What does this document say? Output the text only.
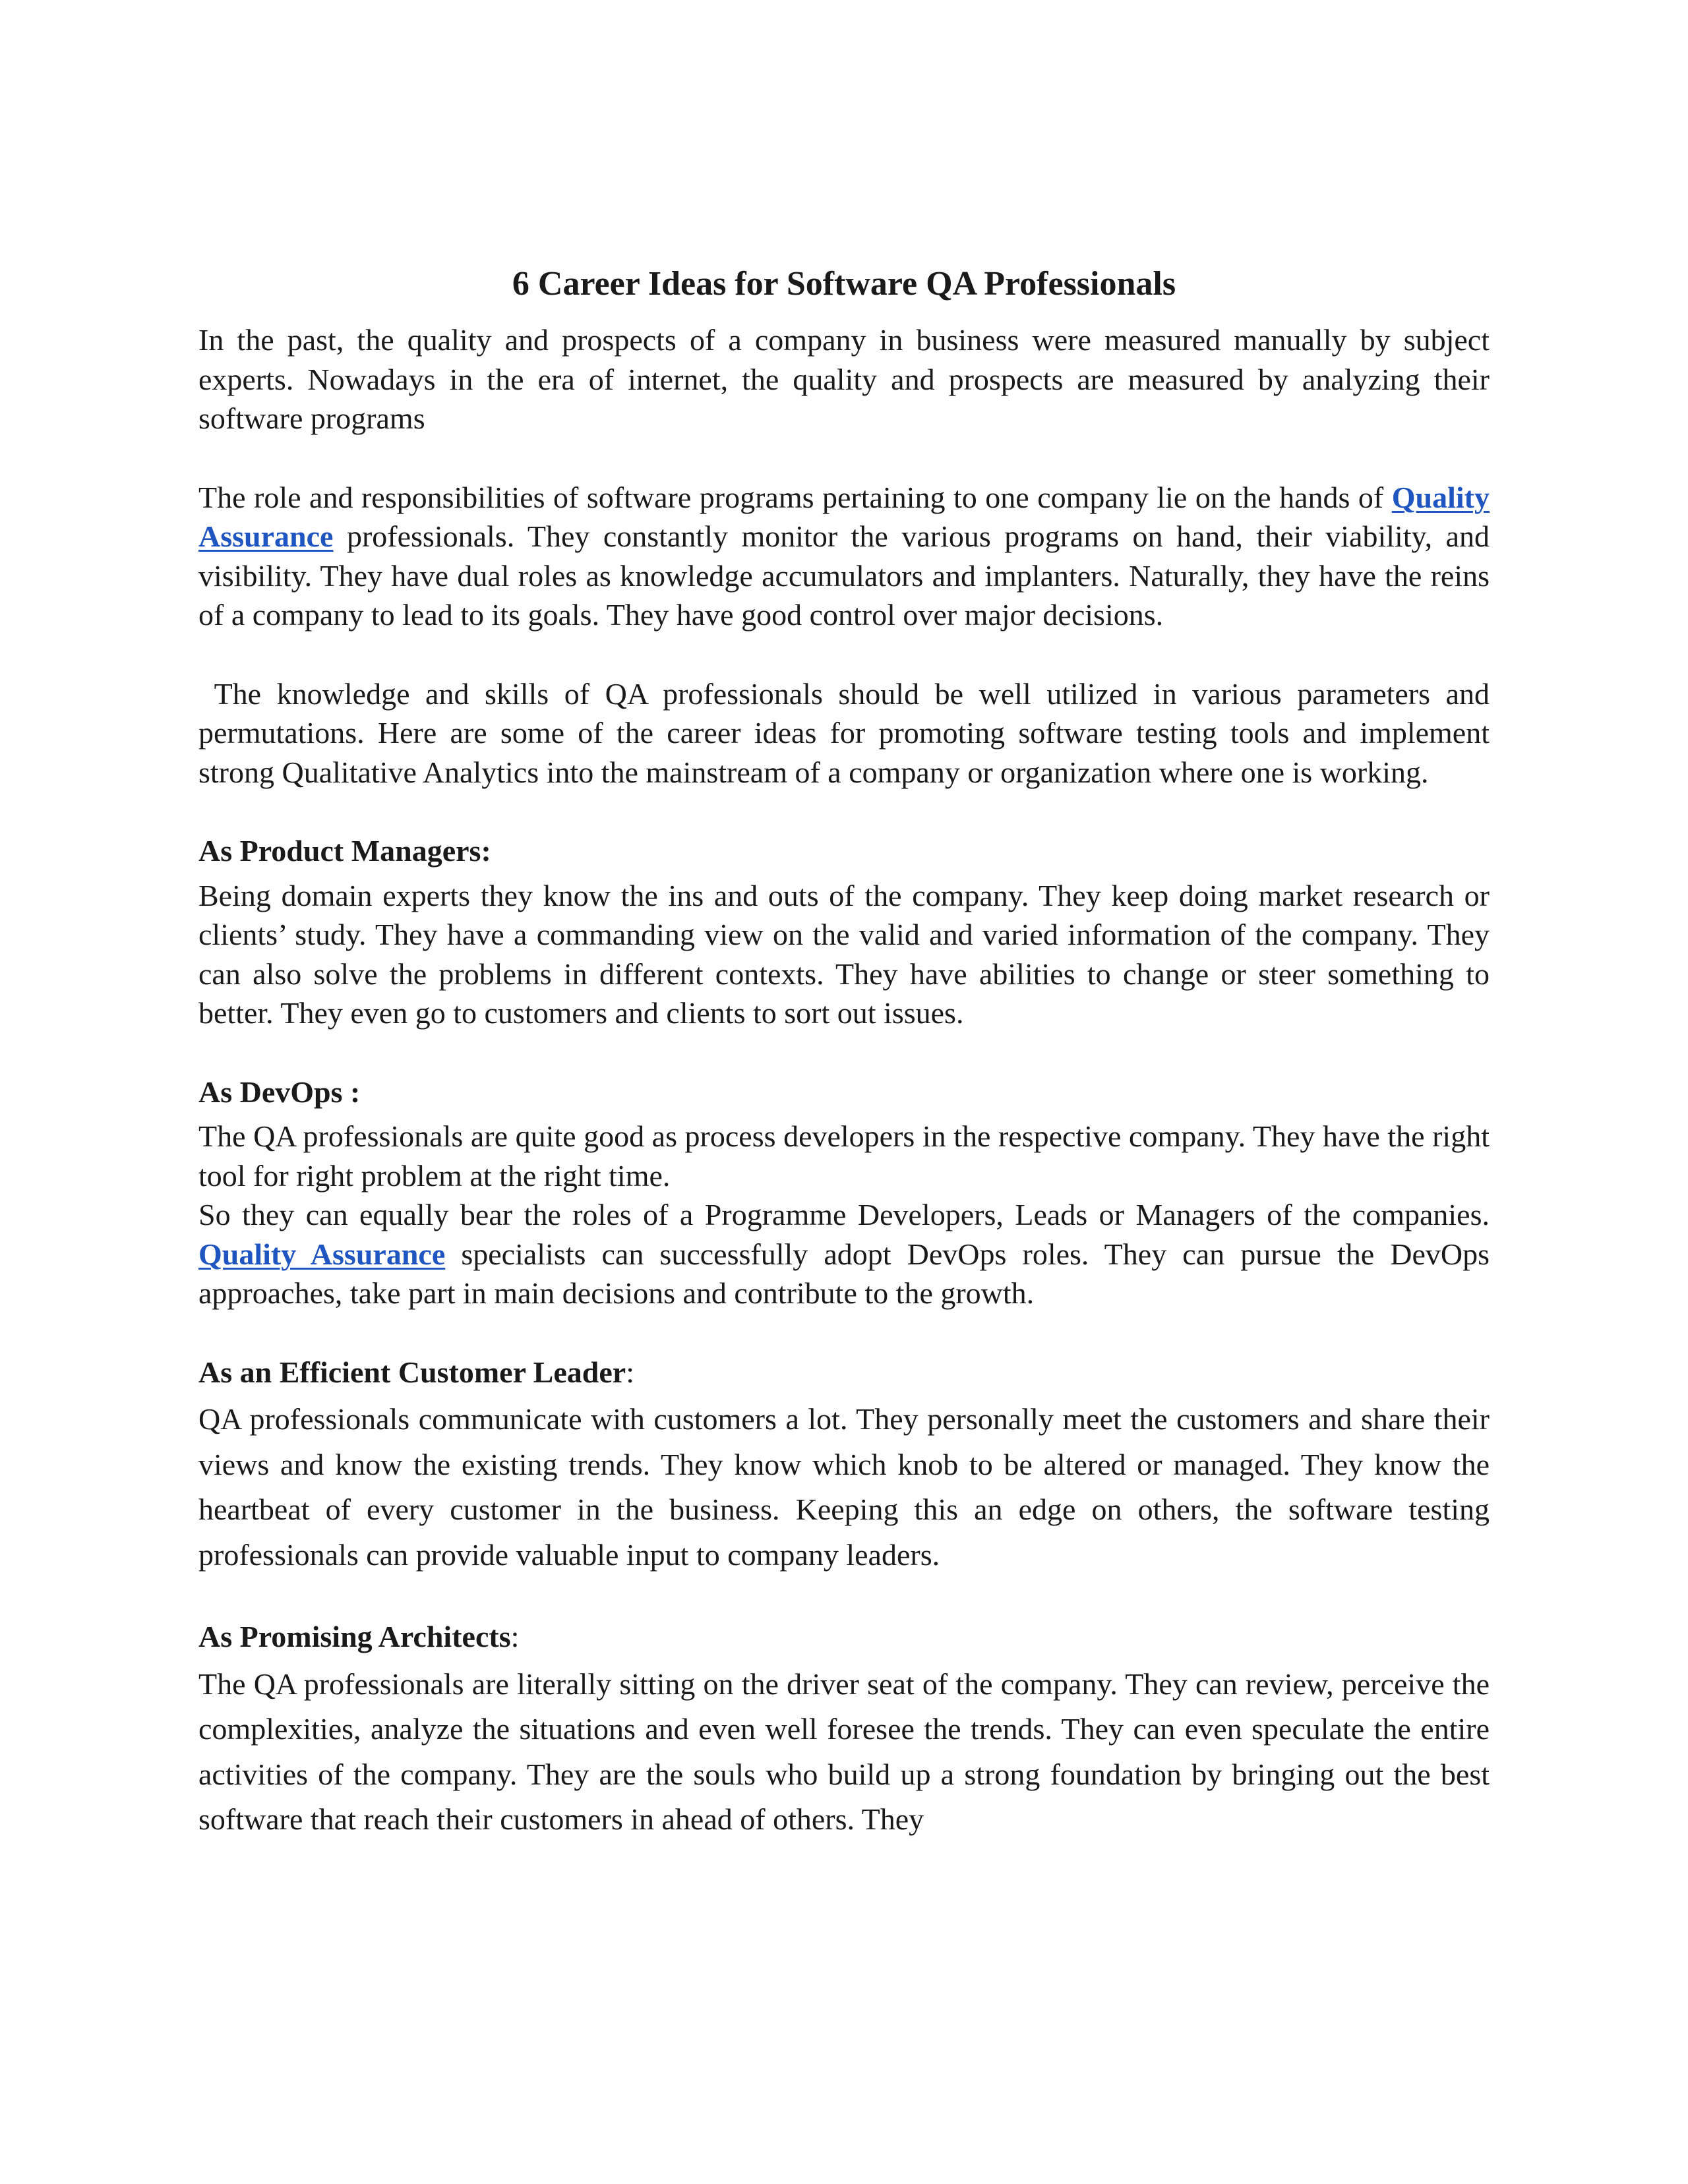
6 Career Ideas for Software QA Professionals

In the past, the quality and prospects of a company in business were measured manually by subject experts. Nowadays in the era of internet, the quality and prospects are measured by analyzing their software programs

The role and responsibilities of software programs pertaining to one company lie on the hands of Quality Assurance professionals. They constantly monitor the various programs on hand, their viability, and visibility. They have dual roles as knowledge accumulators and implanters. Naturally, they have the reins of a company to lead to its goals. They have good control over major decisions.

The knowledge and skills of QA professionals should be well utilized in various parameters and permutations. Here are some of the career ideas for promoting software testing tools and implement strong Qualitative Analytics into the mainstream of a company or organization where one is working.

As Product Managers:

Being domain experts they know the ins and outs of the company. They keep doing market research or clients’ study. They have a commanding view on the valid and varied information of the company. They can also solve the problems in different contexts. They have abilities to change or steer something to better. They even go to customers and clients to sort out issues.

As DevOps :

The QA professionals are quite good as process developers in the respective company. They have the right tool for right problem at the right time.

So they can equally bear the roles of a Programme Developers, Leads or Managers of the companies. Quality Assurance specialists can successfully adopt DevOps roles. They can pursue the DevOps approaches, take part in main decisions and contribute to the growth.

As an Efficient Customer Leader:

QA professionals communicate with customers a lot. They personally meet the customers and share their views and know the existing trends. They know which knob to be altered or managed. They know the heartbeat of every customer in the business. Keeping this an edge on others, the software testing professionals can provide valuable input to company leaders.

As Promising Architects:

The QA professionals are literally sitting on the driver seat of the company. They can review, perceive the complexities, analyze the situations and even well foresee the trends. They can even speculate the entire activities of the company. They are the souls who build up a strong foundation by bringing out the best software that reach their customers in ahead of others. They
